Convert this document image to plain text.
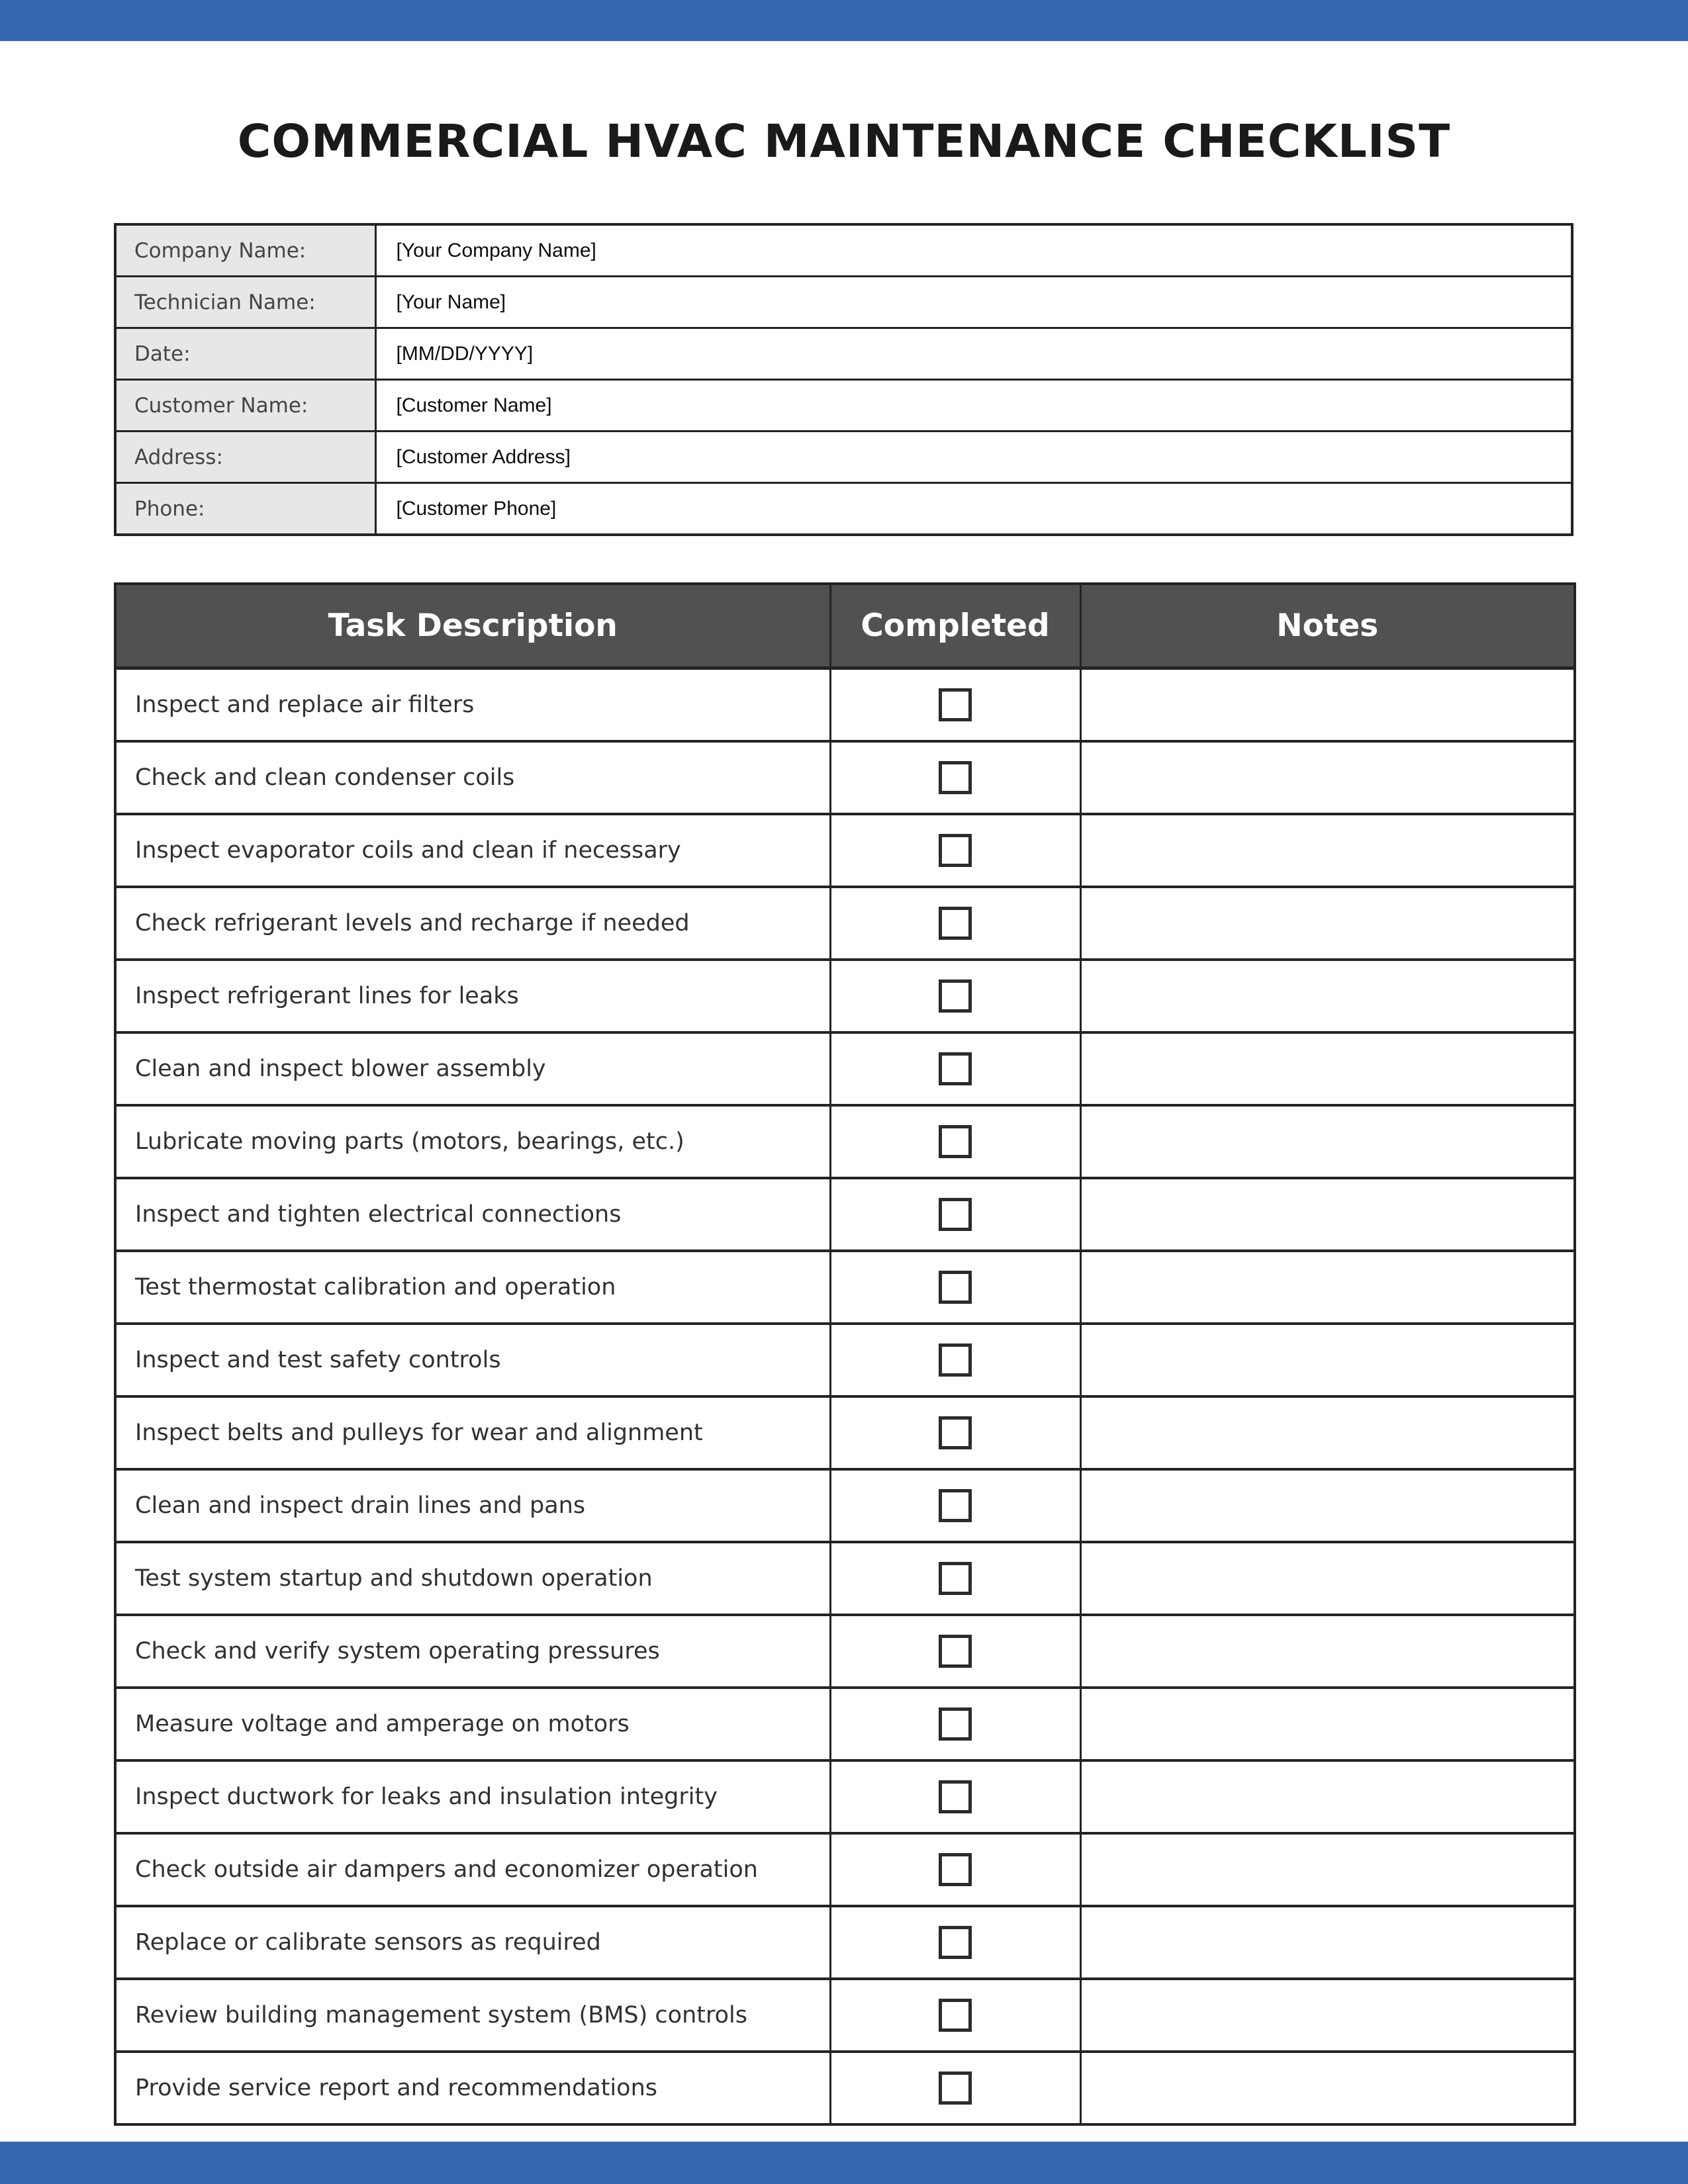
COMMERCIAL HVAC MAINTENANCE CHECKLIST
Company Name:	[Your Company Name]
Technician Name:	[Your Name]
Date:	[MM/DD/YYYY]
Customer Name:	[Customer Name]
Address:	[Customer Address]
Phone:	[Customer Phone]
Task Description	Completed	Notes
Inspect and replace air filters		
Check and clean condenser coils		
Inspect evaporator coils and clean if necessary		
Check refrigerant levels and recharge if needed		
Inspect refrigerant lines for leaks		
Clean and inspect blower assembly		
Lubricate moving parts (motors, bearings, etc.)		
Inspect and tighten electrical connections		
Test thermostat calibration and operation		
Inspect and test safety controls		
Inspect belts and pulleys for wear and alignment		
Clean and inspect drain lines and pans		
Test system startup and shutdown operation		
Check and verify system operating pressures		
Measure voltage and amperage on motors		
Inspect ductwork for leaks and insulation integrity		
Check outside air dampers and economizer operation		
Replace or calibrate sensors as required		
Review building management system (BMS) controls		
Provide service report and recommendations		
